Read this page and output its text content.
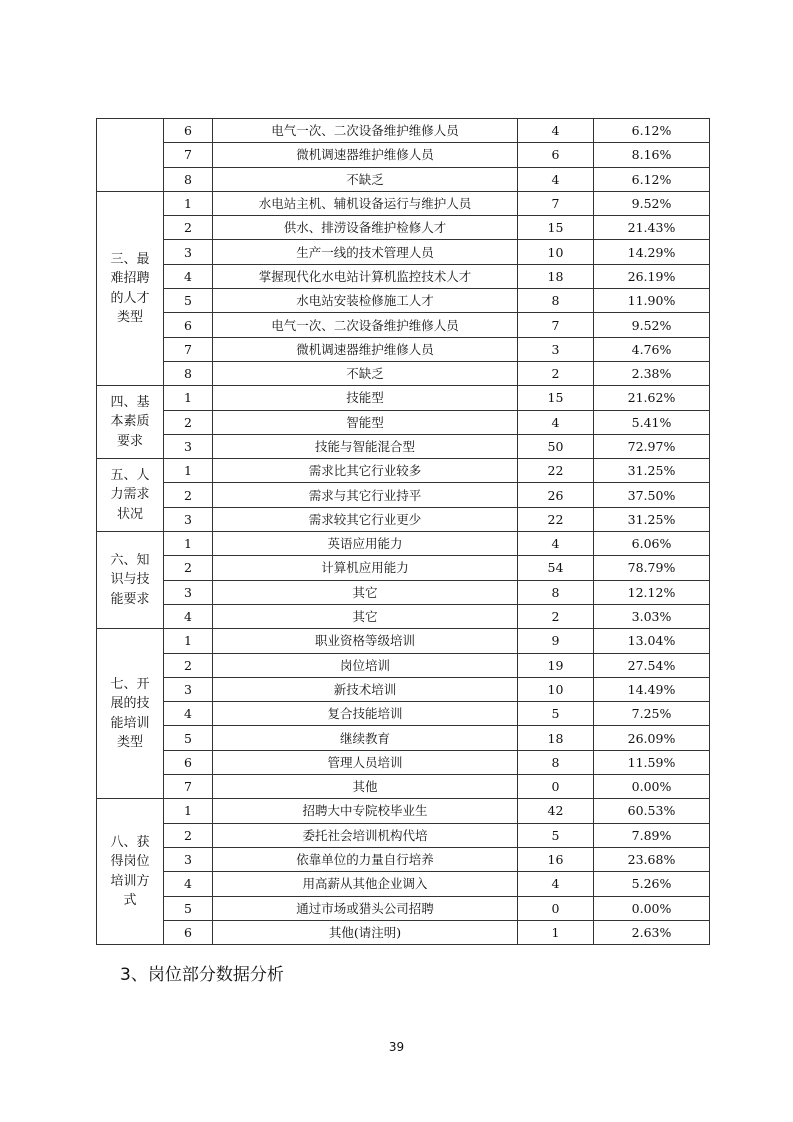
	6	电气一次、二次设备维护维修人员	4	6.12%
	7	微机调速器维护维修人员	6	8.16%
	8	不缺乏	4	6.12%
三、最难招聘的人才类型	1	水电站主机、辅机设备运行与维护人员	7	9.52%
	2	供水、排涝设备维护检修人才	15	21.43%
	3	生产一线的技术管理人员	10	14.29%
	4	掌握现代化水电站计算机监控技术人才	18	26.19%
	5	水电站安装检修施工人才	8	11.90%
	6	电气一次、二次设备维护维修人员	7	9.52%
	7	微机调速器维护维修人员	3	4.76%
	8	不缺乏	2	2.38%
四、基本素质要求	1	技能型	15	21.62%
	2	智能型	4	5.41%
	3	技能与智能混合型	50	72.97%
五、人力需求状况	1	需求比其它行业较多	22	31.25%
	2	需求与其它行业持平	26	37.50%
	3	需求较其它行业更少	22	31.25%
六、知识与技能要求	1	英语应用能力	4	6.06%
	2	计算机应用能力	54	78.79%
	3	其它	8	12.12%
	4	其它	2	3.03%
七、开展的技能培训类型	1	职业资格等级培训	9	13.04%
	2	岗位培训	19	27.54%
	3	新技术培训	10	14.49%
	4	复合技能培训	5	7.25%
	5	继续教育	18	26.09%
	6	管理人员培训	8	11.59%
	7	其他	0	0.00%
八、获得岗位培训方式	1	招聘大中专院校毕业生	42	60.53%
	2	委托社会培训机构代培	5	7.89%
	3	依靠单位的力量自行培养	16	23.68%
	4	用高薪从其他企业调入	4	5.26%
	5	通过市场或猎头公司招聘	0	0.00%
	6	其他(请注明)	1	2.63%
3、岗位部分数据分析
39
